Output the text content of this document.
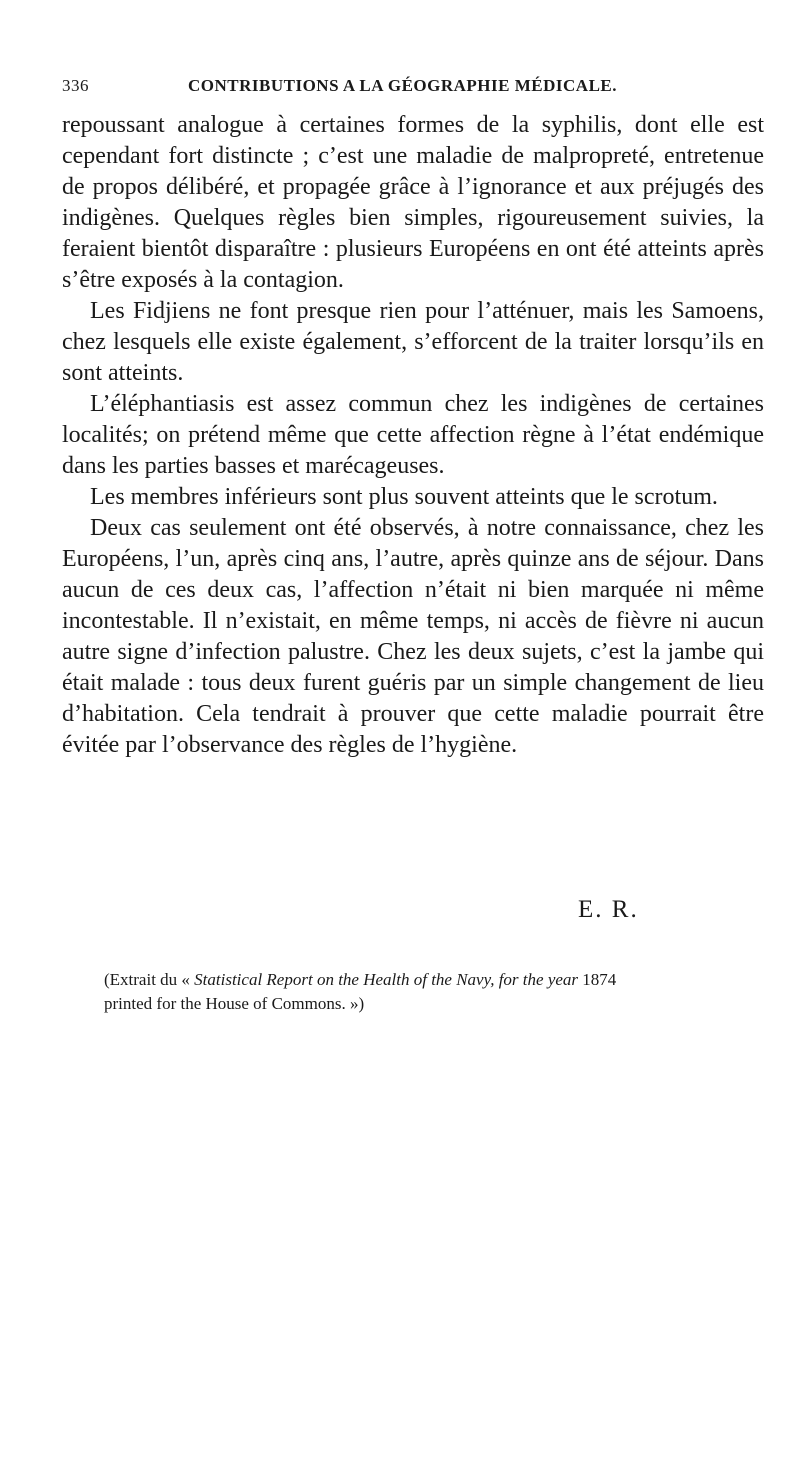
336	CONTRIBUTIONS A LA GÉOGRAPHIE MÉDICALE.

repoussant analogue à certaines formes de la syphilis, dont elle est cependant fort distincte ; c’est une maladie de malpropreté, entretenue de propos délibéré, et propagée grâce à l’ignorance et aux préjugés des indigènes. Quelques règles bien simples, rigoureusement suivies, la feraient bientôt disparaître : plusieurs Européens en ont été atteints après s’être exposés à la contagion.

Les Fidjiens ne font presque rien pour l’atténuer, mais les Samoens, chez lesquels elle existe également, s’efforcent de la traiter lorsqu’ils en sont atteints.

L’éléphantiasis est assez commun chez les indigènes de certaines localités; on prétend même que cette affection règne à l’état endémique dans les parties basses et marécageuses.

Les membres inférieurs sont plus souvent atteints que le scrotum.

Deux cas seulement ont été observés, à notre connaissance, chez les Européens, l’un, après cinq ans, l’autre, après quinze ans de séjour. Dans aucun de ces deux cas, l’affection n’était ni bien marquée ni même incontestable. Il n’existait, en même temps, ni accès de fièvre ni aucun autre signe d’infection palustre. Chez les deux sujets, c’est la jambe qui était malade : tous deux furent guéris par un simple changement de lieu d’habitation. Cela tendrait à prouver que cette maladie pourrait être évitée par l’observance des règles de l’hygiène.

E. R.
(Extrait du « Statistical Report on the Health of the Navy, for the year 1874
printed for the House of Commons. »)
